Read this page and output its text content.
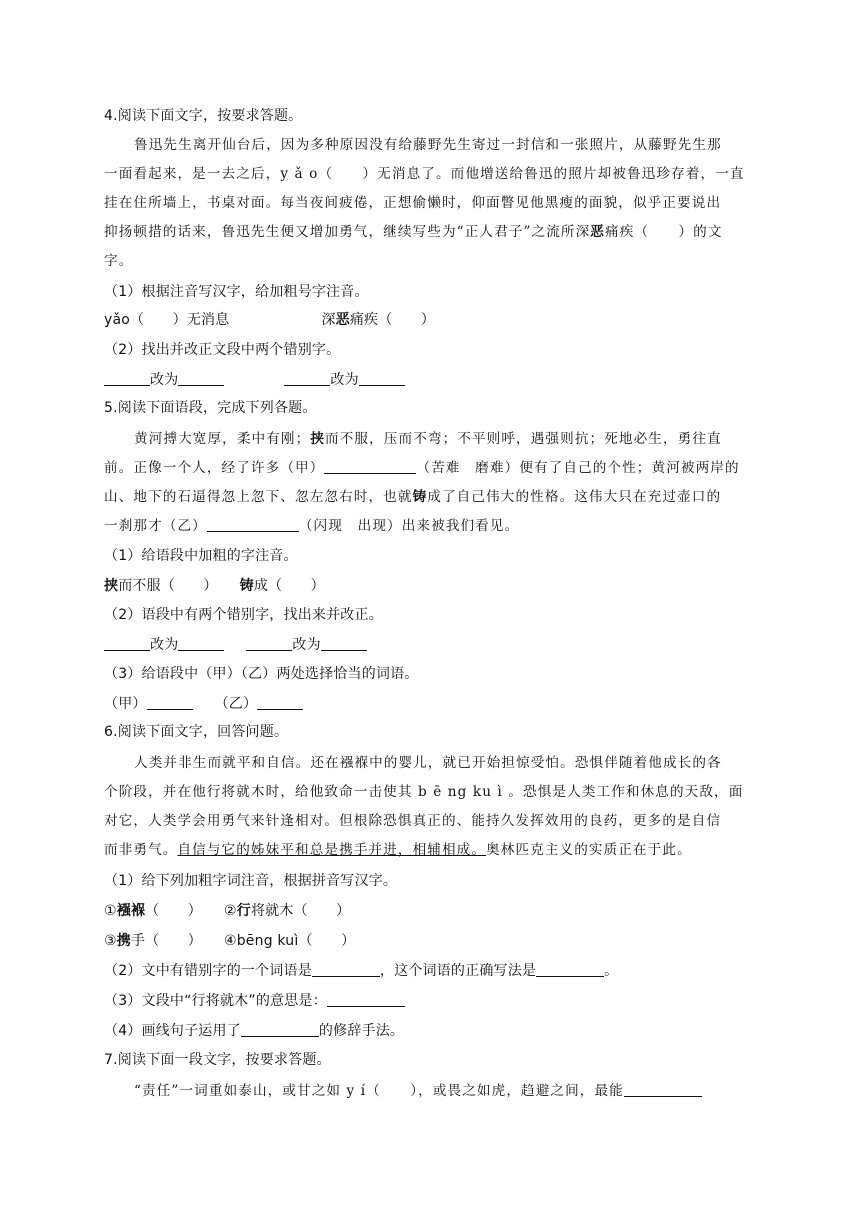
4.阅读下面文字，按要求答题。
鲁迅先生离开仙台后，因为多种原因没有给藤野先生寄过一封信和一张照片，从藤野先生那
一面看起来，是一去之后，y ǎ o（　　）无消息了。而他增送给鲁迅的照片却被鲁迅珍存着，一直
挂在住所墙上，书桌对面。每当夜间疲倦，正想偷懒时，仰面瞥见他黑瘦的面貌，似乎正要说出
抑扬顿措的话来，鲁迅先生便又增加勇气，继续写些为“正人君子”之流所深恶痛疾（　　）的文
字。
（1）根据注音写汉字，给加粗号字注音。
yǎo（　　）无消息	深恶痛疾（　　）
（2）找出并改正文段中两个错别字。
改为	改为
5.阅读下面语段，完成下列各题。
黄河搏大宽厚，柔中有刚；挟而不服，压而不弯；不平则呼，遇强则抗；死地必生，勇往直
前。正像一个人，经了许多（甲）	（苦难　磨难）便有了自己的个性；黄河被两岸的
山、地下的石逼得忽上忽下、忽左忽右时，也就铸成了自己伟大的性格。这伟大只在充过壶口的
一刹那才（乙）	（闪现　出现）出来被我们看见。
（1）给语段中加粗的字注音。
挟而不服（　　） 铸成（　　）
（2）语段中有两个错别字，找出来并改正。
改为	改为
（3）给语段中（甲）（乙）两处选择恰当的词语。
（甲）	（乙）
6.阅读下面文字，回答问题。
人类并非生而就平和自信。还在襁褓中的婴儿，就已开始担惊受怕。恐惧伴随着他成长的各
个阶段，并在他行将就木时，给他致命一击使其 b ē ng ku ì 。恐惧是人类工作和休息的天敌，面
对它，人类学会用勇气来针逢相对。但根除恐惧真正的、能持久发挥效用的良药，更多的是自信
而非勇气。自信与它的姊妹平和总是携手并进，相辅相成。奥林匹克主义的实质正在于此。
（1）给下列加粗字词注音，根据拼音写汉字。
①襁褓（　　） ②行将就木（　　）
③携手（　　） ④bēng kuì（　　）
（2）文中有错别字的一个词语是	，这个词语的正确写法是	。
（3）文段中“行将就木”的意思是：
（4）画线句子运用了	的修辞手法。
7.阅读下面一段文字，按要求答题。
“责任”一词重如泰山，或甘之如 y í（　　），或畏之如虎，趋避之间，最能
